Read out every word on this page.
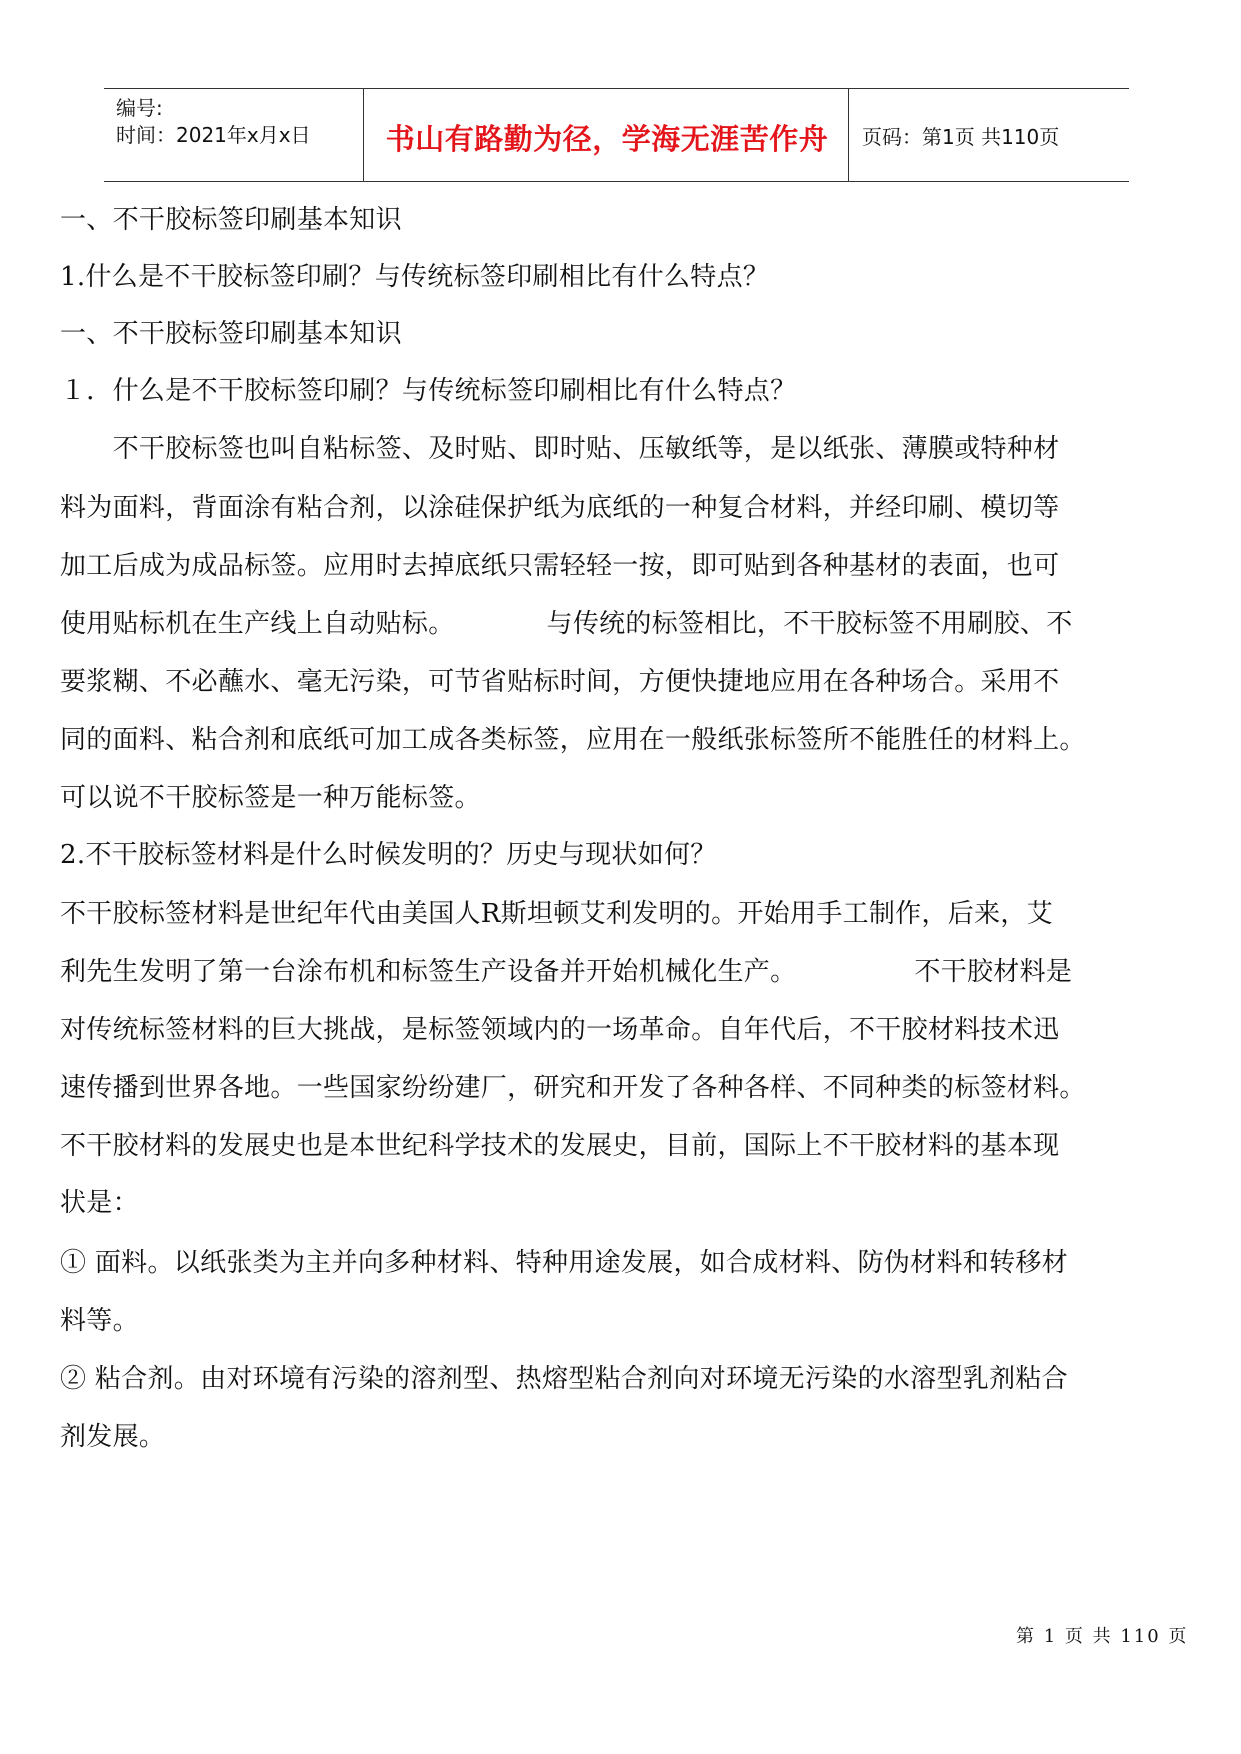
编号:
时间：2021年x月x日	书山有路勤为径，学海无涯苦作舟	页码：第1页 共110页
一、不干胶标签印刷基本知识
1.什么是不干胶标签印刷？与传统标签印刷相比有什么特点？
一、不干胶标签印刷基本知识
１．什么是不干胶标签印刷？与传统标签印刷相比有什么特点？
　　不干胶标签也叫自粘标签、及时贴、即时贴、压敏纸等，是以纸张、薄膜或特种材
料为面料，背面涂有粘合剂，以涂硅保护纸为底纸的一种复合材料，并经印刷、模切等
加工后成为成品标签。应用时去掉底纸只需轻轻一按，即可贴到各种基材的表面，也可
使用贴标机在生产线上自动贴标。	与传统的标签相比，不干胶标签不用刷胶、不
要浆糊、不必蘸水、毫无污染，可节省贴标时间，方便快捷地应用在各种场合。采用不
同的面料、粘合剂和底纸可加工成各类标签，应用在一般纸张标签所不能胜任的材料上。
可以说不干胶标签是一种万能标签。
2.不干胶标签材料是什么时候发明的？历史与现状如何？
不干胶标签材料是世纪年代由美国人R斯坦顿艾利发明的。开始用手工制作，后来，艾
利先生发明了第一台涂布机和标签生产设备并开始机械化生产。	不干胶材料是
对传统标签材料的巨大挑战，是标签领域内的一场革命。自年代后，不干胶材料技术迅
速传播到世界各地。一些国家纷纷建厂，研究和开发了各种各样、不同种类的标签材料。
不干胶材料的发展史也是本世纪科学技术的发展史，目前，国际上不干胶材料的基本现
状是：
① 面料。以纸张类为主并向多种材料、特种用途发展，如合成材料、防伪材料和转移材
料等。
② 粘合剂。由对环境有污染的溶剂型、热熔型粘合剂向对环境无污染的水溶型乳剂粘合
剂发展。
第 1 页 共 110 页
